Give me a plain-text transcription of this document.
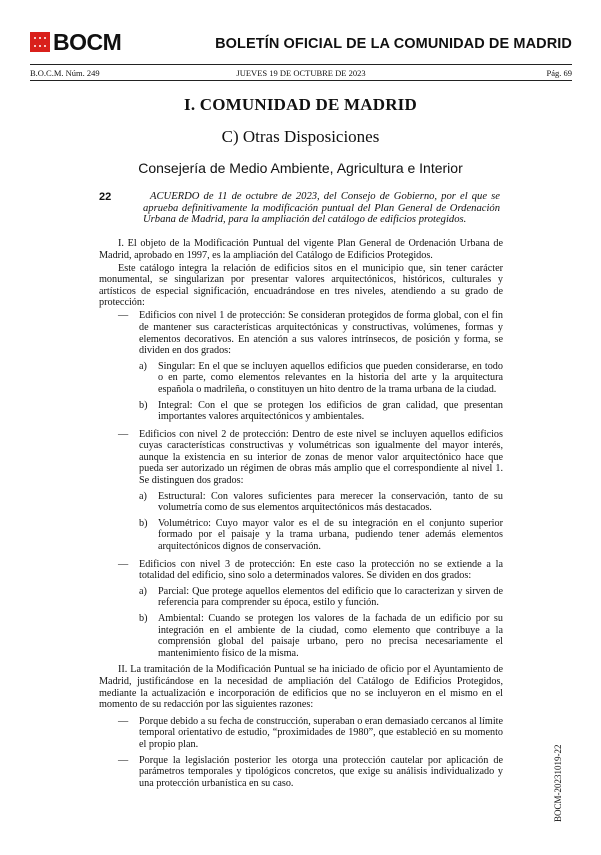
BOCM	BOLETÍN OFICIAL DE LA COMUNIDAD DE MADRID
B.O.C.M. Núm. 249	JUEVES 19 DE OCTUBRE DE 2023	Pág. 69
I. COMUNIDAD DE MADRID
C) Otras Disposiciones
Consejería de Medio Ambiente, Agricultura e Interior
22	ACUERDO de 11 de octubre de 2023, del Consejo de Gobierno, por el que se aprueba definitivamente la modificación puntual del Plan General de Ordenación Urbana de Madrid, para la ampliación del catálogo de edificios protegidos.

I. El objeto de la Modificación Puntual del vigente Plan General de Ordenación Urbana de Madrid, aprobado en 1997, es la ampliación del Catálogo de Edificios Protegidos.

Este catálogo integra la relación de edificios sitos en el municipio que, sin tener carácter monumental, se singularizan por presentar valores arquitectónicos, históricos, culturales y artísticos de especial significación, encuadrándose en tres niveles, atendiendo a su grado de protección:

— Edificios con nivel 1 de protección: Se consideran protegidos de forma global, con el fin de mantener sus características arquitectónicas y constructivas, volúmenes, formas y elementos decorativos. En atención a sus valores intrínsecos, de posición y forma, se dividen en dos grados:
a) Singular: En el que se incluyen aquellos edificios que pueden considerarse, en todo o en parte, como elementos relevantes en la historia del arte y la arquitectura española o madrileña, o constituyen un hito dentro de la trama urbana de la ciudad.
b) Integral: Con el que se protegen los edificios de gran calidad, que presentan importantes valores arquitectónicos y ambientales.
— Edificios con nivel 2 de protección: Dentro de este nivel se incluyen aquellos edificios cuyas características constructivas y volumétricas son igualmente del mayor interés, aunque la existencia en su interior de zonas de menor valor arquitectónico hace que pueda ser autorizado un régimen de obras más amplio que el correspondiente al nivel 1. Se distinguen dos grados:
a) Estructural: Con valores suficientes para merecer la conservación, tanto de su volumetría como de sus elementos arquitectónicos más destacados.
b) Volumétrico: Cuyo mayor valor es el de su integración en el conjunto superior formado por el paisaje y la trama urbana, pudiendo tener además elementos arquitectónicos dignos de conservación.
— Edificios con nivel 3 de protección: En este caso la protección no se extiende a la totalidad del edificio, sino solo a determinados valores. Se dividen en dos grados:
a) Parcial: Que protege aquellos elementos del edificio que lo caracterizan y sirven de referencia para comprender su época, estilo y función.
b) Ambiental: Cuando se protegen los valores de la fachada de un edificio por su integración en el ambiente de la ciudad, como elemento que contribuye a la comprensión global del paisaje urbano, pero no precisa necesariamente el mantenimiento físico de la misma.

II. La tramitación de la Modificación Puntual se ha iniciado de oficio por el Ayuntamiento de Madrid, justificándose en la necesidad de ampliación del Catálogo de Edificios Protegidos, mediante la actualización e incorporación de edificios que no se incluyeron en el mismo en el momento de su redacción por las siguientes razones:

— Porque debido a su fecha de construcción, superaban o eran demasiado cercanos al límite temporal orientativo de estudio, “proximidades de 1980”, que estableció en su momento el propio plan.
— Porque la legislación posterior les otorga una protección cautelar por aplicación de parámetros temporales y tipológicos concretos, que exige su análisis individualizado y una protección urbanística en su caso.	BOCM-20231019-22
